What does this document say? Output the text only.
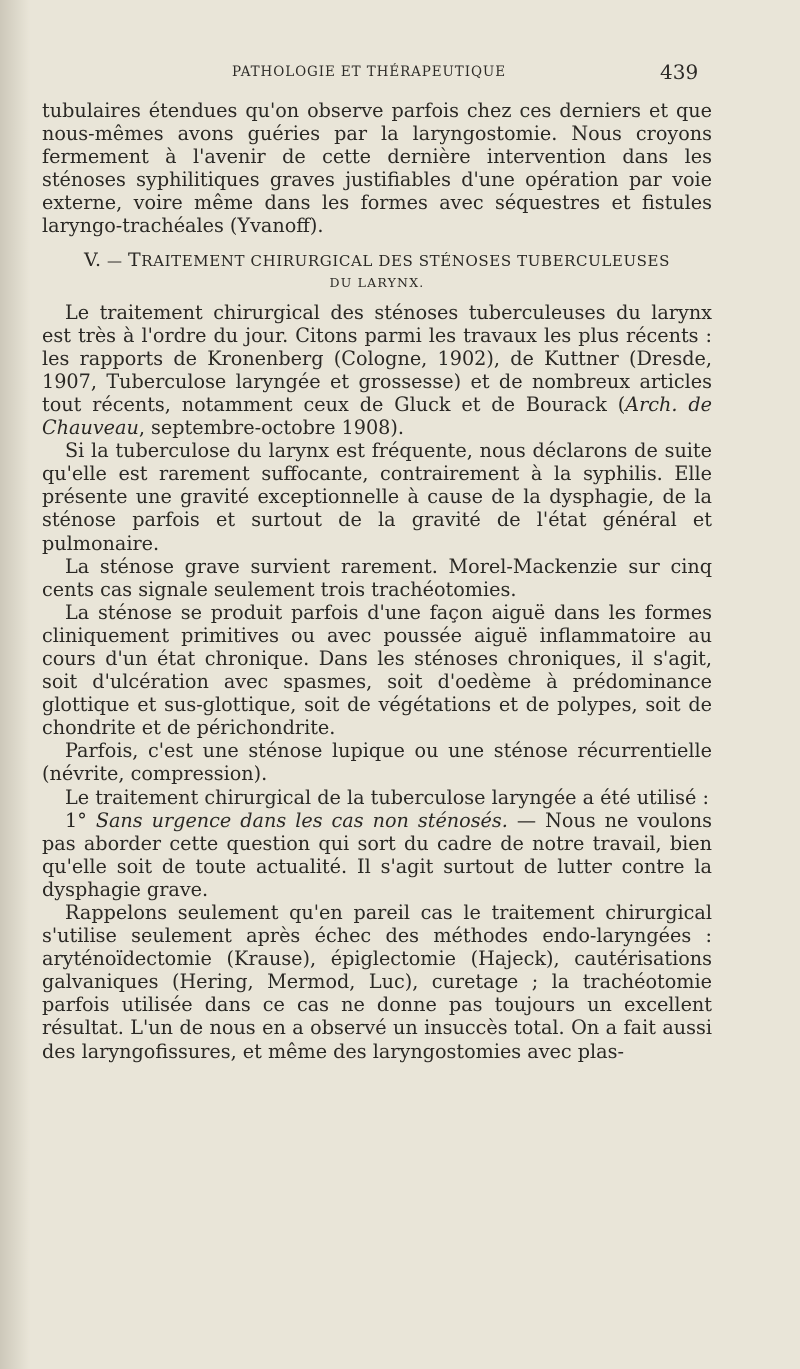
PATHOLOGIE ET THÉRAPEUTIQUE	439

tubulaires étendues qu'on observe parfois chez ces derniers et que nous-mêmes avons guéries par la laryngostomie. Nous croyons fermement à l'avenir de cette dernière intervention dans les sténoses syphilitiques graves justifiables d'une opération par voie externe, voire même dans les formes avec séquestres et fistules laryngo-trachéales (Yvanoff).

V. — TRAITEMENT CHIRURGICAL DES STÉNOSES TUBERCULEUSES
DU LARYNX.

Le traitement chirurgical des sténoses tuberculeuses du larynx est très à l'ordre du jour. Citons parmi les travaux les plus récents : les rapports de Kronenberg (Cologne, 1902), de Kuttner (Dresde, 1907, Tuberculose laryngée et grossesse) et de nombreux articles tout récents, notamment ceux de Gluck et de Bourack (Arch. de Chauveau, septembre-octobre 1908).

Si la tuberculose du larynx est fréquente, nous déclarons de suite qu'elle est rarement suffocante, contrairement à la syphilis. Elle présente une gravité exceptionnelle à cause de la dysphagie, de la sténose parfois et surtout de la gravité de l'état général et pulmonaire.

La sténose grave survient rarement. Morel-Mackenzie sur cinq cents cas signale seulement trois trachéotomies.

La sténose se produit parfois d'une façon aiguë dans les formes cliniquement primitives ou avec poussée aiguë inflammatoire au cours d'un état chronique. Dans les sténoses chroniques, il s'agit, soit d'ulcération avec spasmes, soit d'oedème à prédominance glottique et sus-glottique, soit de végétations et de polypes, soit de chondrite et de périchondrite.

Parfois, c'est une sténose lupique ou une sténose récurrentielle (névrite, compression).

Le traitement chirurgical de la tuberculose laryngée a été utilisé :

1° Sans urgence dans les cas non sténosés. — Nous ne voulons pas aborder cette question qui sort du cadre de notre travail, bien qu'elle soit de toute actualité. Il s'agit surtout de lutter contre la dysphagie grave.

Rappelons seulement qu'en pareil cas le traitement chirurgical s'utilise seulement après échec des méthodes endo-laryngées : aryténoïdectomie (Krause), épiglectomie (Hajeck), cautérisations galvaniques (Hering, Mermod, Luc), curetage ; la trachéotomie parfois utilisée dans ce cas ne donne pas toujours un excellent résultat. L'un de nous en a observé un insuccès total. On a fait aussi des laryngofissures, et même des laryngostomies avec plas-
